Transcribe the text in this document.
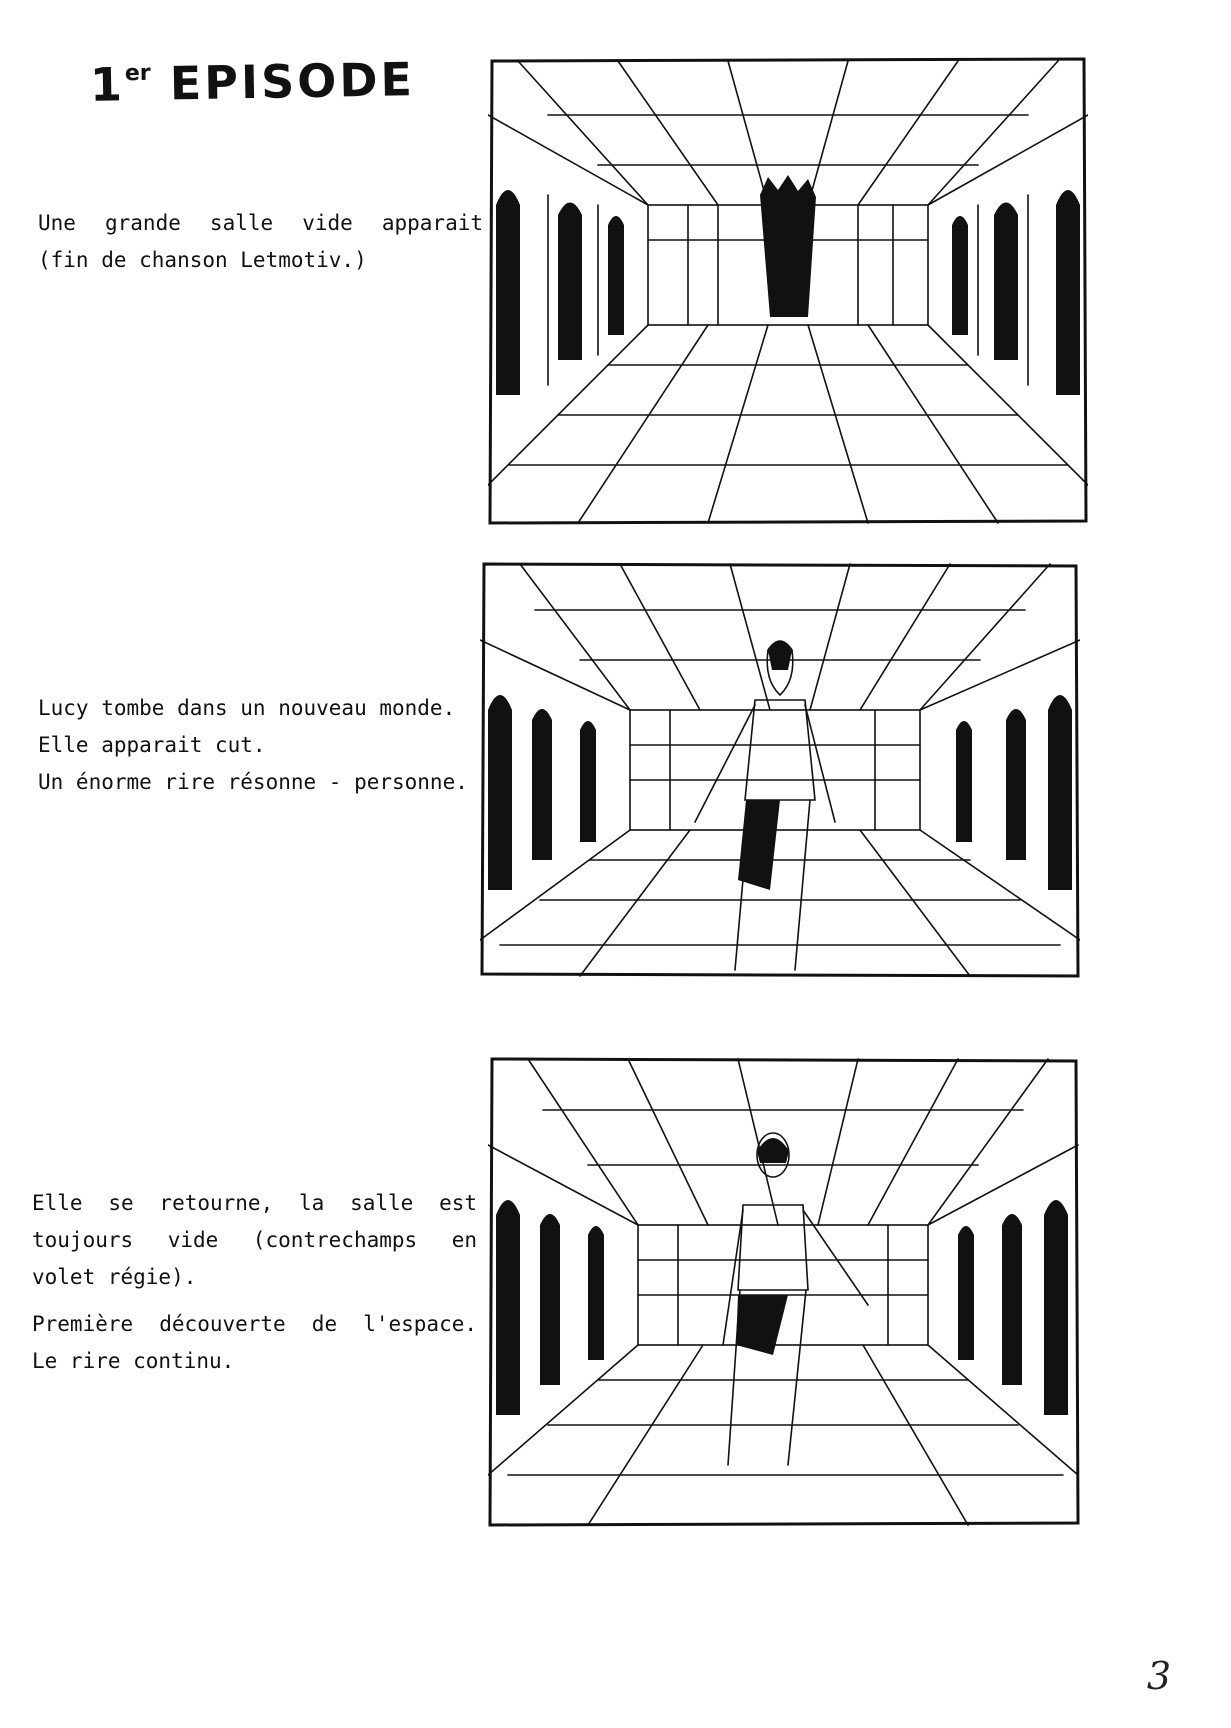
1er EPISODE

Une grande salle vide apparait

(fin de chanson Letmotiv.)

Lucy tombe dans un nouveau monde.

Elle apparait cut.

Un énorme rire résonne - personne.

Elle se retourne, la salle est

toujours vide (contrechamps en

volet régie).

Première découverte de l'espace.

Le rire continu.

3
